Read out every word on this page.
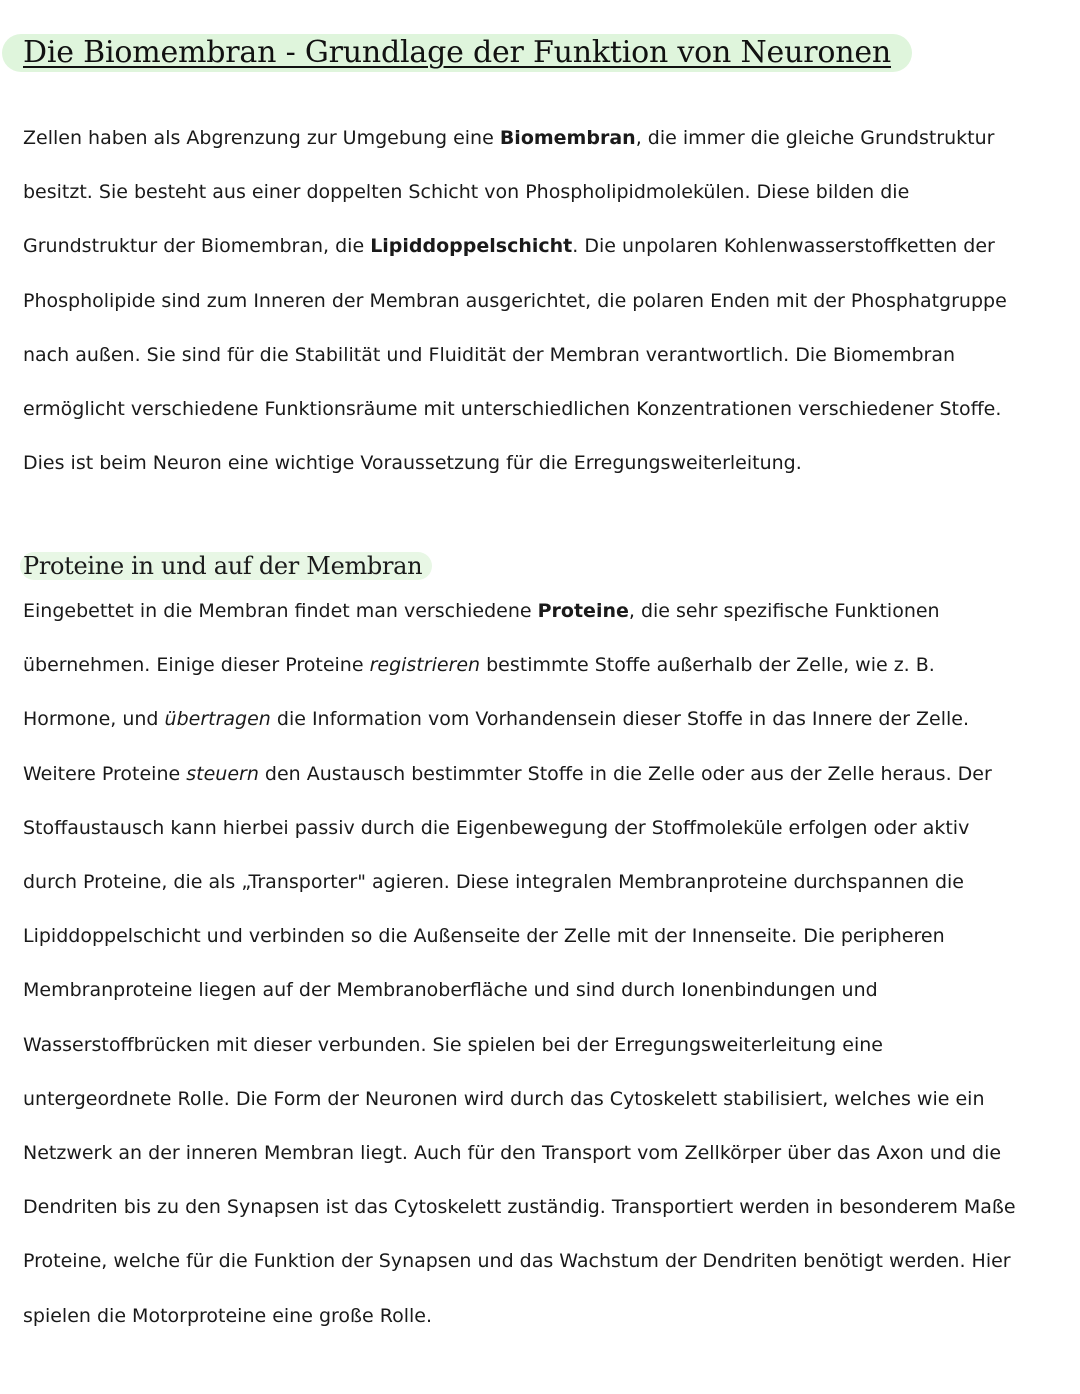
Die Biomembran - Grundlage der Funktion von Neuronen
Zellen haben als Abgrenzung zur Umgebung eine Biomembran, die immer die gleiche Grundstruktur
besitzt. Sie besteht aus einer doppelten Schicht von Phospholipidmolekülen. Diese bilden die
Grundstruktur der Biomembran, die Lipiddoppelschicht. Die unpolaren Kohlenwasserstoffketten der
Phospholipide sind zum Inneren der Membran ausgerichtet, die polaren Enden mit der Phosphatgruppe
nach außen. Sie sind für die Stabilität und Fluidität der Membran verantwortlich. Die Biomembran
ermöglicht verschiedene Funktionsräume mit unterschiedlichen Konzentrationen verschiedener Stoffe.
Dies ist beim Neuron eine wichtige Voraussetzung für die Erregungsweiterleitung.
Proteine in und auf der Membran
Eingebettet in die Membran findet man verschiedene Proteine, die sehr spezifische Funktionen
übernehmen. Einige dieser Proteine registrieren bestimmte Stoffe außerhalb der Zelle, wie z. B.
Hormone, und übertragen die Information vom Vorhandensein dieser Stoffe in das Innere der Zelle.
Weitere Proteine steuern den Austausch bestimmter Stoffe in die Zelle oder aus der Zelle heraus. Der
Stoffaustausch kann hierbei passiv durch die Eigenbewegung der Stoffmoleküle erfolgen oder aktiv
durch Proteine, die als „Transporter" agieren. Diese integralen Membranproteine durchspannen die
Lipiddoppelschicht und verbinden so die Außenseite der Zelle mit der Innenseite. Die peripheren
Membranproteine liegen auf der Membranoberfläche und sind durch Ionenbindungen und
Wasserstoffbrücken mit dieser verbunden. Sie spielen bei der Erregungsweiterleitung eine
untergeordnete Rolle. Die Form der Neuronen wird durch das Cytoskelett stabilisiert, welches wie ein
Netzwerk an der inneren Membran liegt. Auch für den Transport vom Zellkörper über das Axon und die
Dendriten bis zu den Synapsen ist das Cytoskelett zuständig. Transportiert werden in besonderem Maße
Proteine, welche für die Funktion der Synapsen und das Wachstum der Dendriten benötigt werden. Hier
spielen die Motorproteine eine große Rolle.
